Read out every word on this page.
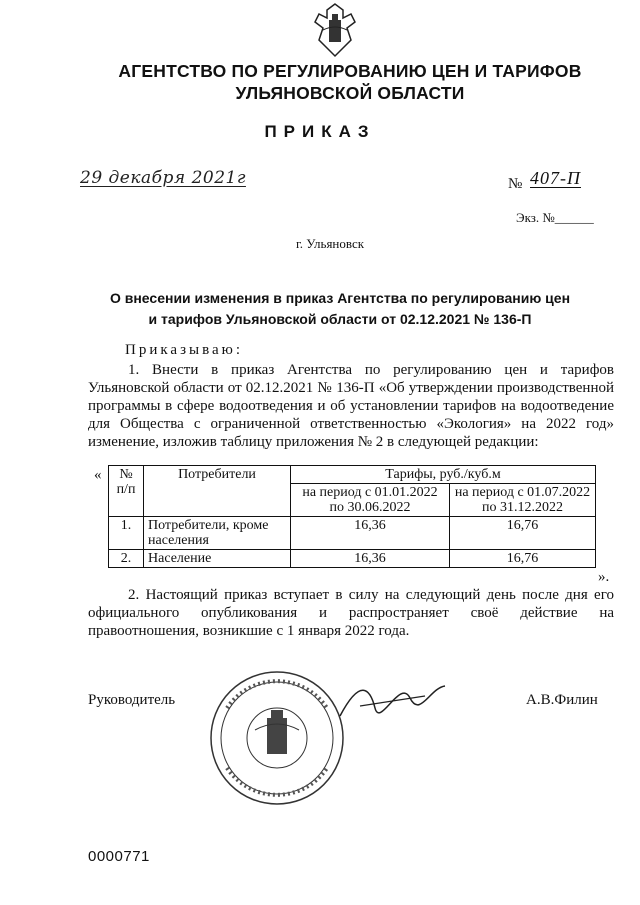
АГЕНТСТВО ПО РЕГУЛИРОВАНИЮ ЦЕН И ТАРИФОВ
УЛЬЯНОВСКОЙ ОБЛАСТИ
ПРИКАЗ
29 декабря 2021г	№ 407-П
Экз. №______
г. Ульяновск
О внесении изменения в приказ Агентства по регулированию цен
и тарифов Ульяновской области от 02.12.2021 № 136-П
Приказываю:
1. Внести в приказ Агентства по регулированию цен и тарифов Ульяновской области от 02.12.2021 № 136-П «Об утверждении производственной программы в сфере водоотведения и об установлении тарифов на водоотведение для Общества с ограниченной ответственностью «Экология» на 2022 год» изменение, изложив таблицу приложения № 2 в следующей редакции:
« № п/п	Потребители	Тарифы, руб./куб.м	
		на период с 01.01.2022 по 30.06.2022	на период с 01.07.2022 по 31.12.2022
1.	Потребители, кроме населения	16,36	16,76
2.	Население	16,36	16,76
».
2. Настоящий приказ вступает в силу на следующий день после дня его официального опубликования и распространяет своё действие на правоотношения, возникшие с 1 января 2022 года.
Руководитель	А.В.Филин
0000771
